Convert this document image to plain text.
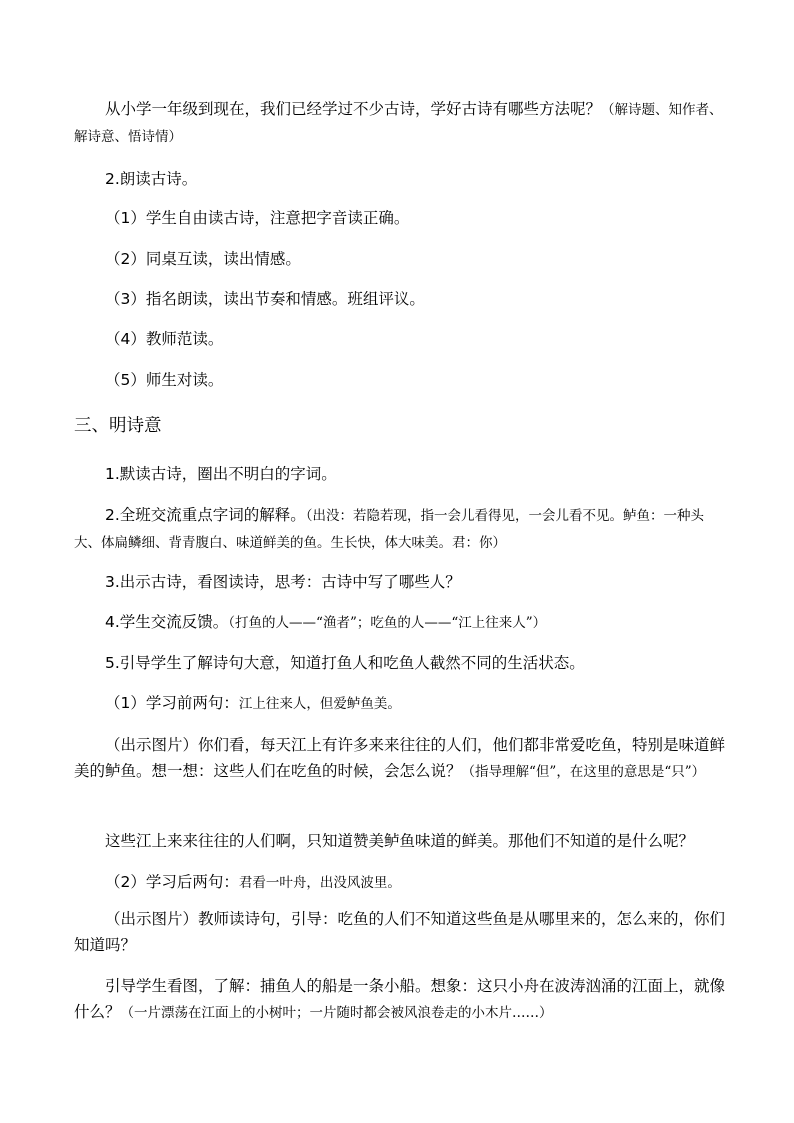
从小学一年级到现在，我们已经学过不少古诗，学好古诗有哪些方法呢？（解诗题、知作者、解诗意、悟诗情）
2.朗读古诗。
（1）学生自由读古诗，注意把字音读正确。
（2）同桌互读，读出情感。
（3）指名朗读，读出节奏和情感。班组评议。
（4）教师范读。
（5）师生对读。
三、明诗意
1.默读古诗，圈出不明白的字词。
2.全班交流重点字词的解释。（出没：若隐若现，指一会儿看得见，一会儿看不见。鲈鱼：一种头大、体扁鳞细、背青腹白、味道鲜美的鱼。生长快，体大味美。君：你）
3.出示古诗，看图读诗，思考：古诗中写了哪些人？
4.学生交流反馈。（打鱼的人——“渔者”；吃鱼的人——“江上往来人”）
5.引导学生了解诗句大意，知道打鱼人和吃鱼人截然不同的生活状态。
（1）学习前两句：江上往来人，但爱鲈鱼美。
（出示图片）你们看，每天江上有许多来来往往的人们，他们都非常爱吃鱼，特别是味道鲜美的鲈鱼。想一想：这些人们在吃鱼的时候，会怎么说？（指导理解“但”，在这里的意思是“只”）
这些江上来来往往的人们啊，只知道赞美鲈鱼味道的鲜美。那他们不知道的是什么呢？
（2）学习后两句：君看一叶舟，出没风波里。
（出示图片）教师读诗句，引导：吃鱼的人们不知道这些鱼是从哪里来的，怎么来的，你们知道吗？
引导学生看图，了解：捕鱼人的船是一条小船。想象：这只小舟在波涛汹涌的江面上，就像什么？（一片漂荡在江面上的小树叶；一片随时都会被风浪卷走的小木片……）
